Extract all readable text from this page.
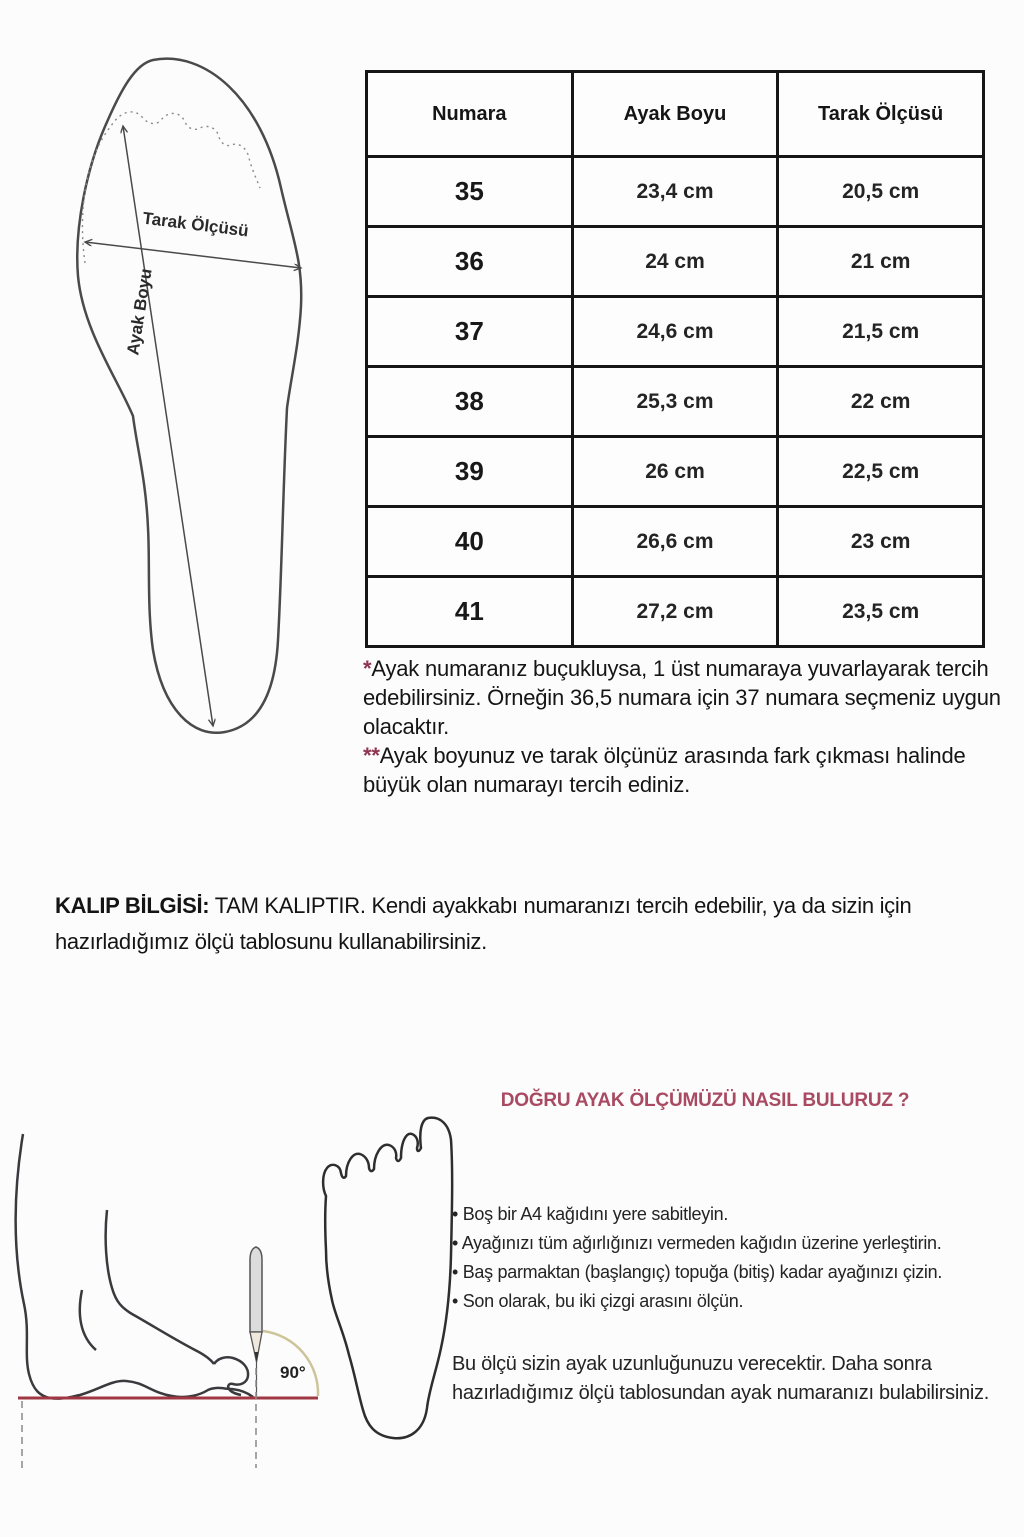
Tarak Ölçüsü
Ayak Boyu
Numara	Ayak Boyu	Tarak Ölçüsü
35	23,4 cm	20,5 cm
36	24 cm	21 cm
37	24,6 cm	21,5 cm
38	25,3 cm	22 cm
39	26 cm	22,5 cm
40	26,6 cm	23 cm
41	27,2 cm	23,5 cm

*Ayak numaranız buçukluysa, 1 üst numaraya yuvarlayarak tercih edebilirsiniz. Örneğin 36,5 numara için 37 numara seçmeniz uygun olacaktır.

**Ayak boyunuz ve tarak ölçünüz arasında fark çıkması halinde büyük olan numarayı tercih ediniz.

KALIP BİLGİSİ: TAM KALIPTIR. Kendi ayakkabı numaranızı tercih edebilir, ya da sizin için hazırladığımız ölçü tablosunu kullanabilirsiniz.

DOĞRU AYAK ÖLÇÜMÜZÜ NASIL BULURUZ ?
90°
• Boş bir A4 kağıdını yere sabitleyin.
• Ayağınızı tüm ağırlığınızı vermeden kağıdın üzerine yerleştirin.
• Baş parmaktan (başlangıç) topuğa (bitiş) kadar ayağınızı çizin.
• Son olarak, bu iki çizgi arasını ölçün.

Bu ölçü sizin ayak uzunluğunuzu verecektir. Daha sonra hazırladığımız ölçü tablosundan ayak numaranızı bulabilirsiniz.
